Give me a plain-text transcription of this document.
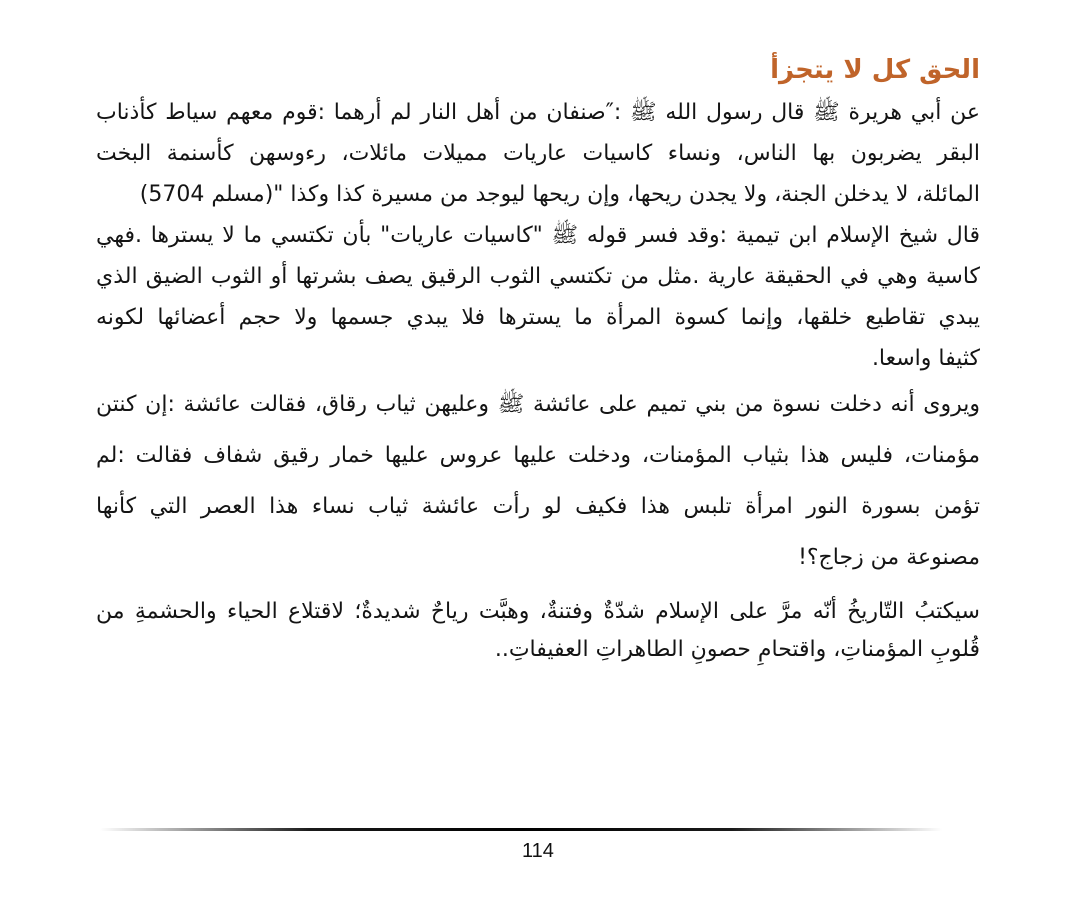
الحق كل لا يتجزأ
عن أبي هريرة ﷺ قال رسول الله ﷺ :″صنفان من أهل النار لم أرهما :قوم معهم سياط كأذناب
البقر يضربون بها الناس، ونساء كاسيات عاريات مميلات مائلات، رءوسهن كأسنمة البخت
المائلة، لا يدخلن الجنة، ولا يجدن ريحها، وإن ريحها ليوجد من مسيرة كذا وكذا "(مسلم 5704)
قال شيخ الإسلام ابن تيمية :وقد فسر قوله ﷺ "كاسيات عاريات" بأن تكتسي ما لا يسترها .فهي
كاسية وهي في الحقيقة عارية .مثل من تكتسي الثوب الرقيق يصف بشرتها أو الثوب الضيق الذي
يبدي تقاطيع خلقها، وإنما كسوة المرأة ما يسترها فلا يبدي جسمها ولا حجم أعضائها لكونه
كثيفا واسعا.
ويروى أنه دخلت نسوة من بني تميم على عائشة ﷺ وعليهن ثياب رقاق، فقالت عائشة :إن كنتن
مؤمنات، فليس هذا بثياب المؤمنات، ودخلت عليها عروس عليها خمار رقيق شفاف فقالت :لم
تؤمن بسورة النور امرأة تلبس هذا فكيف لو رأت عائشة ثياب نساء هذا العصر التي كأنها
مصنوعة من زجاج؟!
سيكتبُ التّاريخُ أنّه مرَّ على الإسلام شدّةٌ وفتنةٌ، وهبَّت رياحٌ شديدةٌ؛ لاقتلاع الحياء والحشمةِ من
قُلوبِ المؤمناتِ، واقتحامِ حصونِ الطاهراتِ العفيفاتِ..
114
